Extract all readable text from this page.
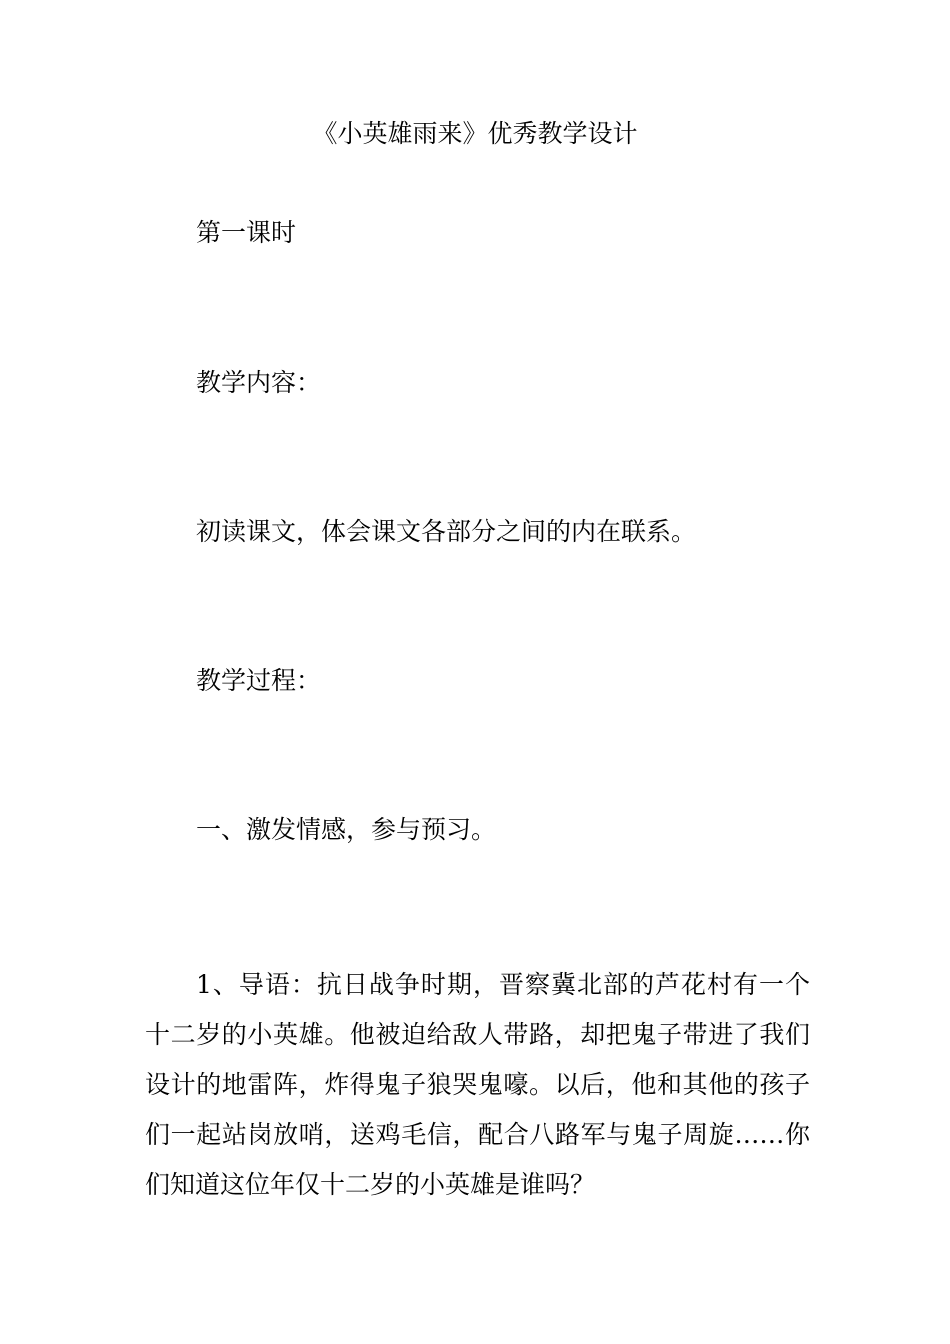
《小英雄雨来》优秀教学设计
第一课时
教学内容：
初读课文，体会课文各部分之间的内在联系。
教学过程：
一、激发情感，参与预习。
1、导语：抗日战争时期，晋察冀北部的芦花村有一个十二岁的小英雄。他被迫给敌人带路，却把鬼子带进了我们设计的地雷阵，炸得鬼子狼哭鬼嚎。以后，他和其他的孩子们一起站岗放哨，送鸡毛信，配合八路军与鬼子周旋……你们知道这位年仅十二岁的小英雄是谁吗？
